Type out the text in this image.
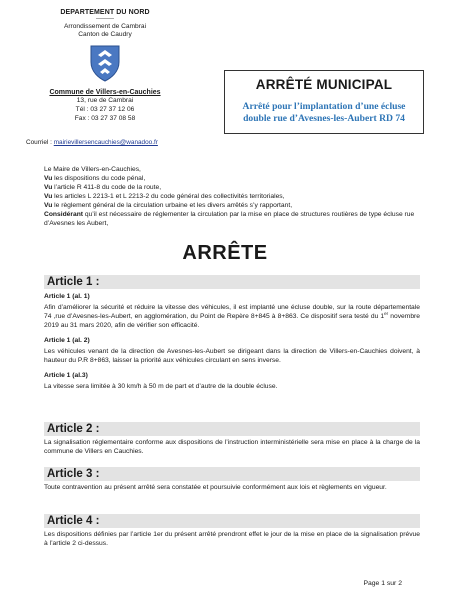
DEPARTEMENT DU NORD
---------
Arrondissement de Cambrai
Canton de Caudry
Commune de Villers-en-Cauchies
13, rue de Cambrai
Tél : 03 27 37 12 06
Fax : 03 27 37 08 58
Courriel : mairievillersencauchies@wanadoo.fr
ARRÊTÉ MUNICIPAL
Arrêté pour l’implantation d’une écluse
double rue d’Avesnes-les-Aubert RD 74
Le Maire de Villers-en-Cauchies,
Vu les dispositions du code pénal,
Vu l’article R 411-8 du code de la route,
Vu les articles L 2213-1 et L 2213-2 du code général des collectivités territoriales,
Vu le règlement général de la circulation urbaine et les divers arrêtés s’y rapportant,
Considérant qu’il est nécessaire de réglementer la circulation par la mise en place de structures routières de type écluse rue d’Avesnes les Aubert,
ARRÊTE
Article 1 :
Article 1 (al. 1)
Afin d’améliorer la sécurité et réduire la vitesse des véhicules, il est implanté une écluse double, sur la route départementale 74 ,rue d’Avesnes-les-Aubert, en agglomération, du Point de Repère 8+845 à 8+863. Ce dispositif sera testé du 1er novembre 2019 au 31 mars 2020, afin de vérifier son efficacité.
Article 1 (al. 2)
Les véhicules venant de la direction de Avesnes-les-Aubert se dirigeant dans la direction de Villers-en-Cauchies doivent, à hauteur du P.R 8+863, laisser la priorité aux véhicules circulant en sens inverse.
Article 1 (al.3)
La vitesse sera limitée à 30 km/h à 50 m de part et d’autre de la double écluse.
Article 2 :
La signalisation réglementaire conforme aux dispositions de l’instruction interministérielle sera mise en place à la charge de la commune de Villers en Cauchies.
Article 3 :
Toute contravention au présent arrêté sera constatée et poursuivie conformément aux lois et règlements en vigueur.
Article 4 :
Les dispositions définies par l’article 1er du présent arrêté prendront effet le jour de la mise en place de la signalisation prévue à l’article 2 ci-dessus.
Page 1 sur 2
